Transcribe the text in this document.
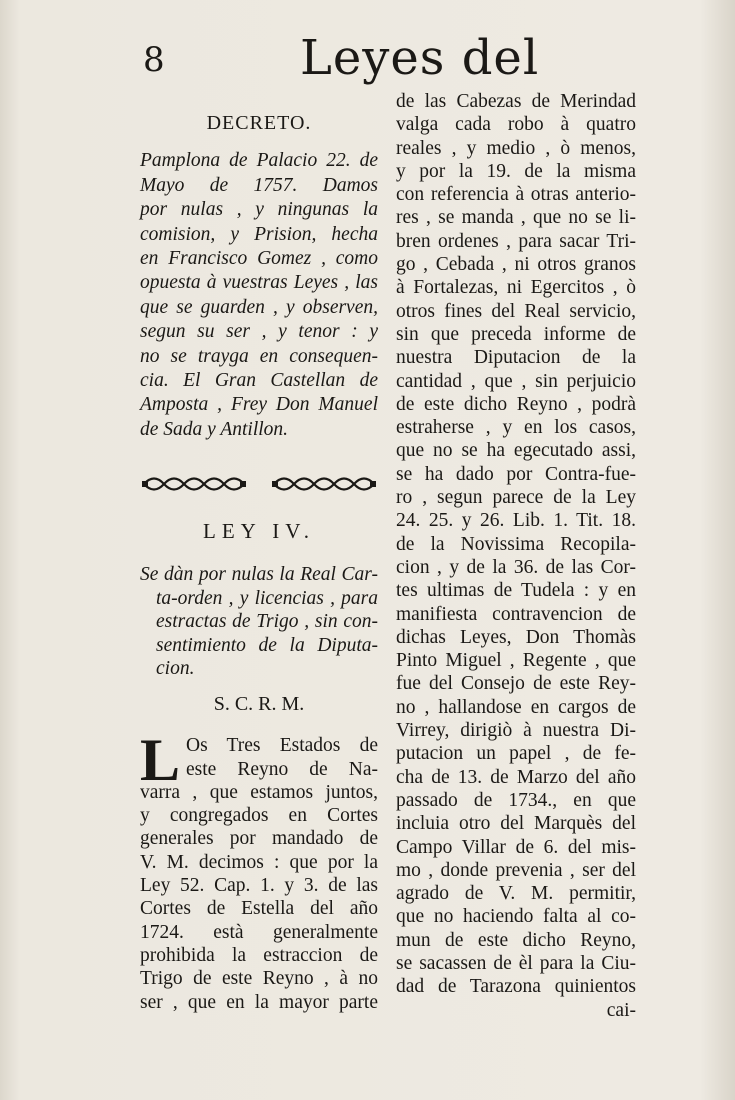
8	Leyes del
DECRETO.
Pamplona de Palacio 22. de
Mayo de 1757. Damos
por nulas , y ningunas la
comision, y Prision, hecha
en Francisco Gomez , como
opuesta à vuestras Leyes , las
que se guarden , y observen,
segun su ser , y tenor : y
no se trayga en consequen-
cia. El Gran Castellan de
Amposta , Frey Don Manuel
de Sada y Antillon.
LEY IV.
Se dàn por nulas la Real Car-
ta-orden , y licencias , para
estractas de Trigo , sin con-
sentimiento de la Diputa-
cion.
S. C. R. M.
L Os Tres Estados de
este Reyno de Na-
varra , que estamos juntos,
y congregados en Cortes
generales por mandado de
V. M. decimos : que por la
Ley 52. Cap. 1. y 3. de las
Cortes de Estella del año
1724. està generalmente
prohibida la estraccion de
Trigo de este Reyno , à no
ser , que en la mayor parte
de las Cabezas de Merindad
valga cada robo à quatro
reales , y medio , ò menos,
y por la 19. de la misma
con referencia à otras anterio-
res , se manda , que no se li-
bren ordenes , para sacar Tri-
go , Cebada , ni otros granos
à Fortalezas, ni Egercitos , ò
otros fines del Real servicio,
sin que preceda informe de
nuestra Diputacion de la
cantidad , que , sin perjuicio
de este dicho Reyno , podrà
estraherse , y en los casos,
que no se ha egecutado assi,
se ha dado por Contra-fue-
ro , segun parece de la Ley
24. 25. y 26. Lib. 1. Tit. 18.
de la Novissima Recopila-
cion , y de la 36. de las Cor-
tes ultimas de Tudela : y en
manifiesta contravencion de
dichas Leyes, Don Thomàs
Pinto Miguel , Regente , que
fue del Consejo de este Rey-
no , hallandose en cargos de
Virrey, dirigiò à nuestra Di-
putacion un papel , de fe-
cha de 13. de Marzo del año
passado de 1734., en que
incluia otro del Marquès del
Campo Villar de 6. del mis-
mo , donde prevenia , ser del
agrado de V. M. permitir,
que no haciendo falta al co-
mun de este dicho Reyno,
se sacassen de èl para la Ciu-
dad de Tarazona quinientos
cai-
